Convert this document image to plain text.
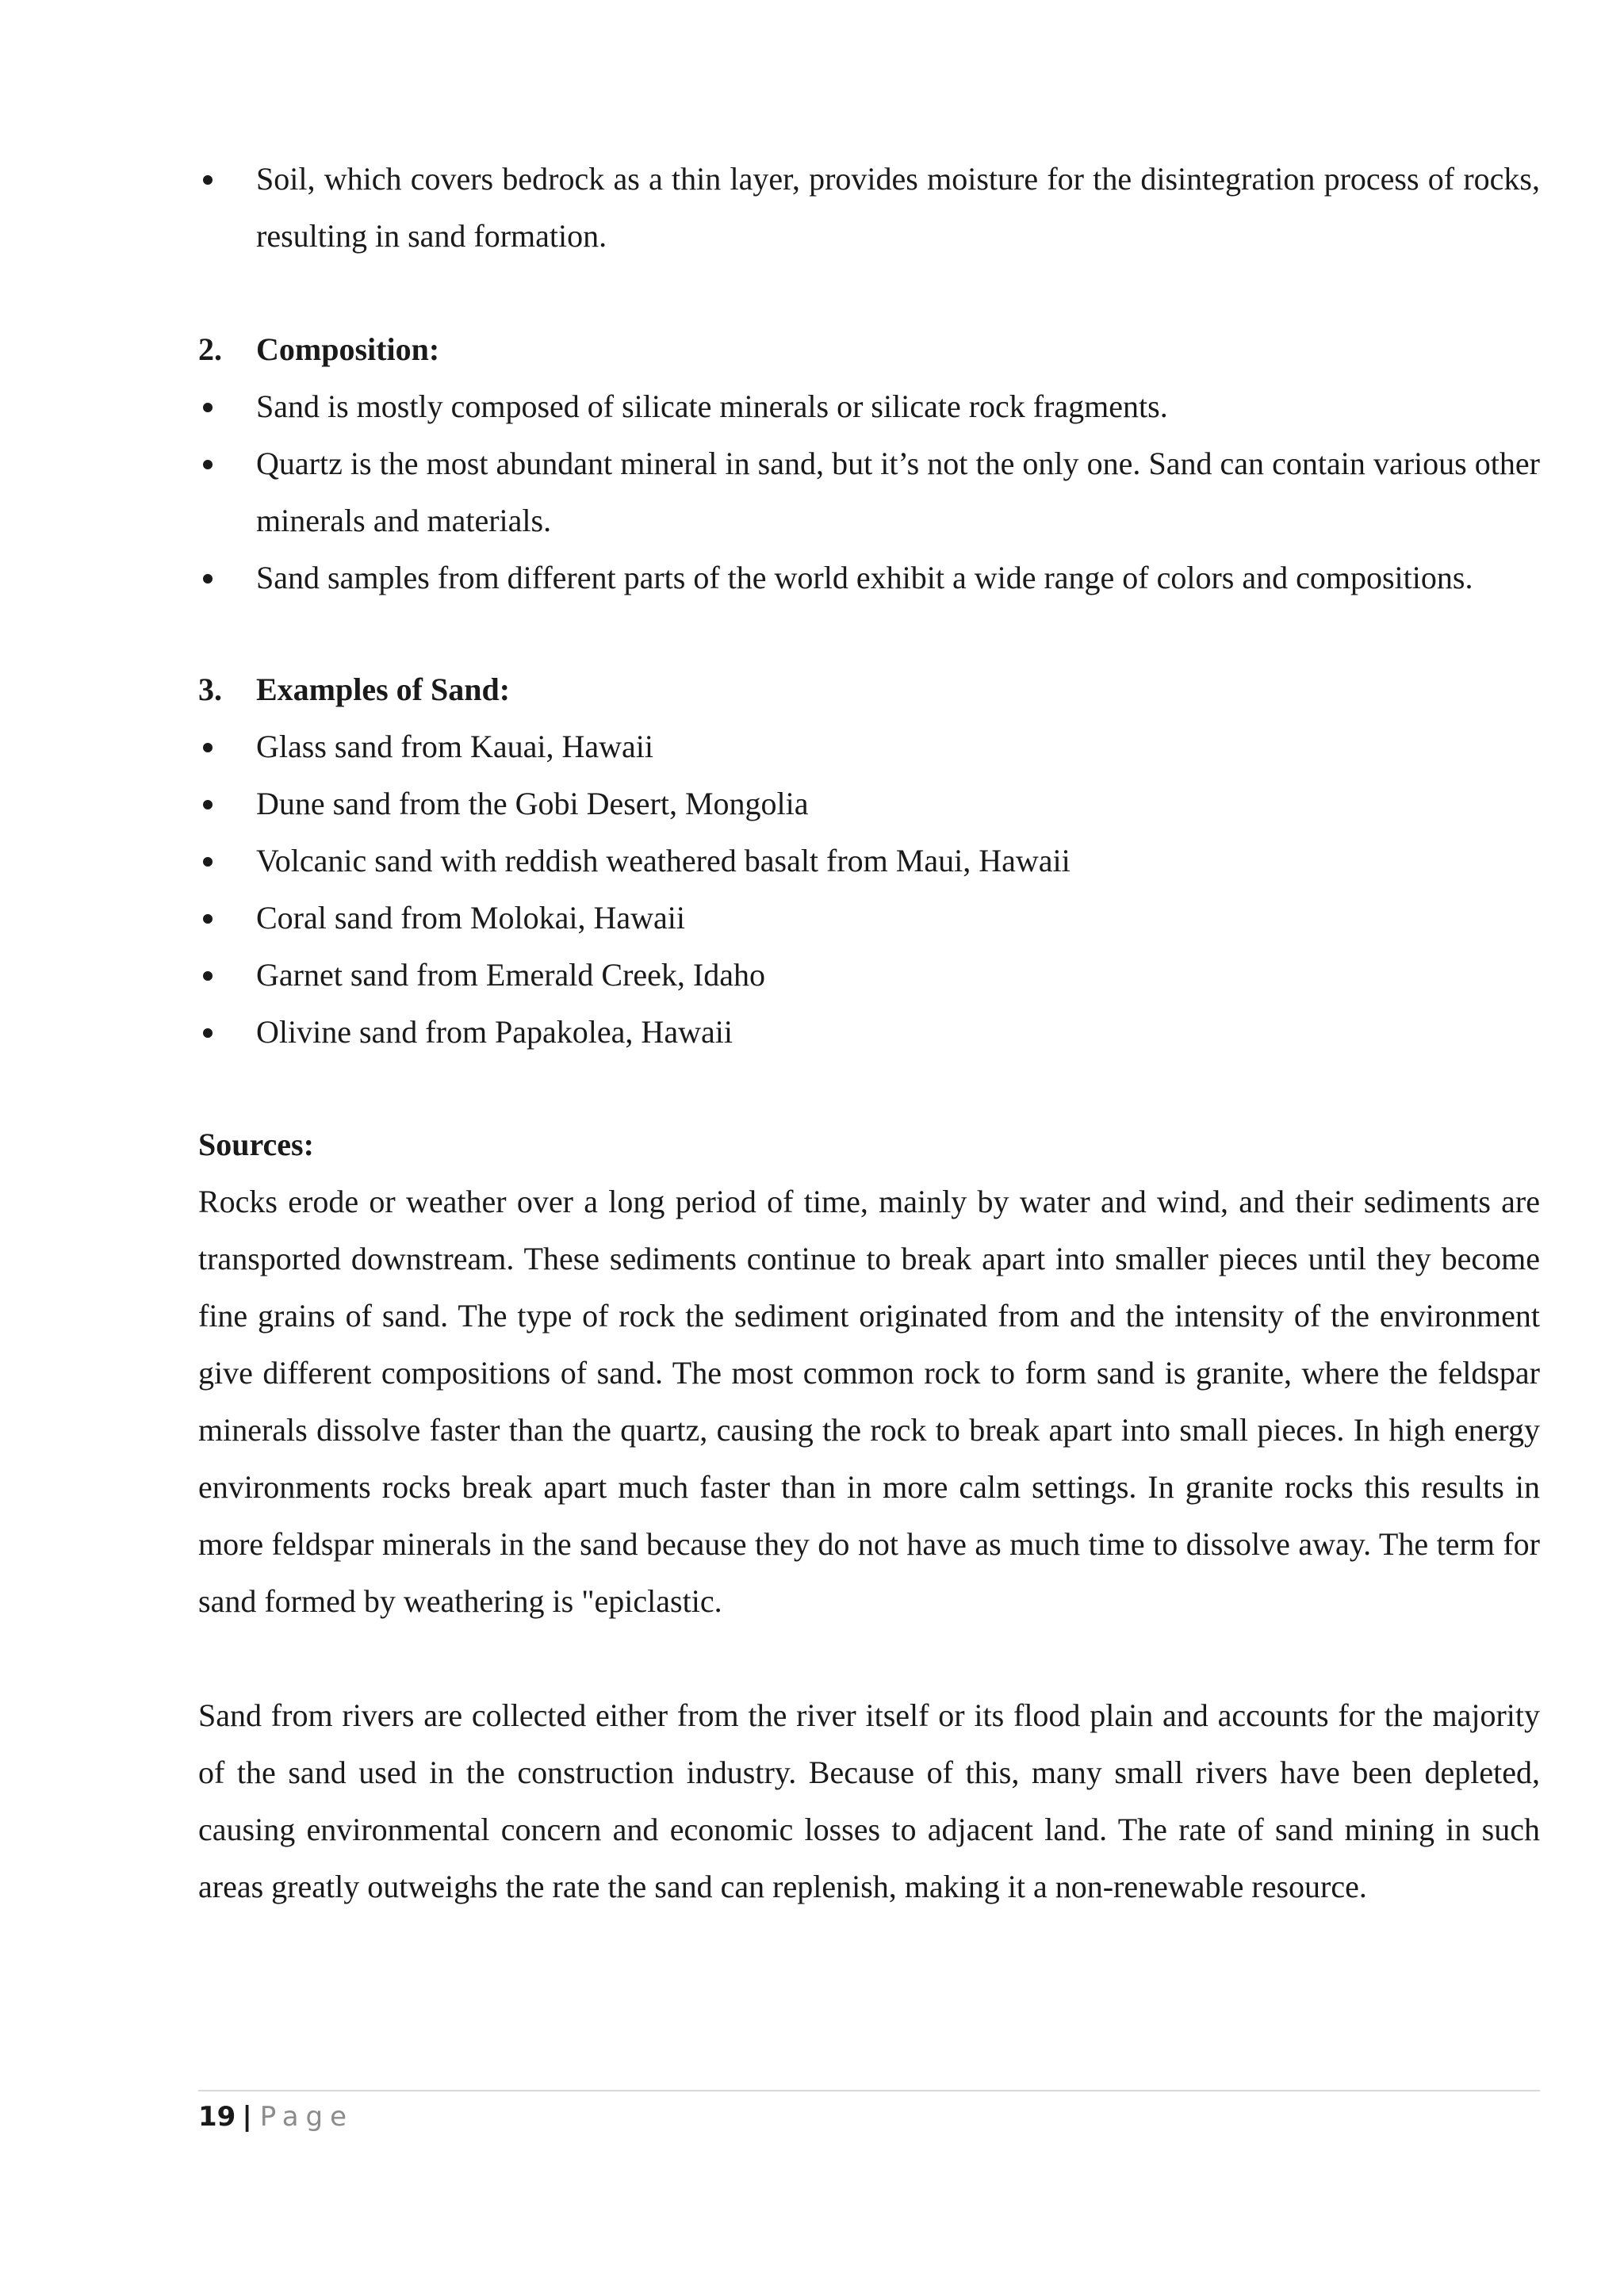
Soil, which covers bedrock as a thin layer, provides moisture for the disintegration process of rocks, resulting in sand formation.
2. Composition:
Sand is mostly composed of silicate minerals or silicate rock fragments.
Quartz is the most abundant mineral in sand, but it’s not the only one. Sand can contain various other minerals and materials.
Sand samples from different parts of the world exhibit a wide range of colors and compositions.
3. Examples of Sand:
Glass sand from Kauai, Hawaii
Dune sand from the Gobi Desert, Mongolia
Volcanic sand with reddish weathered basalt from Maui, Hawaii
Coral sand from Molokai, Hawaii
Garnet sand from Emerald Creek, Idaho
Olivine sand from Papakolea, Hawaii
Sources:

Rocks erode or weather over a long period of time, mainly by water and wind, and their sediments are transported downstream. These sediments continue to break apart into smaller pieces until they become fine grains of sand. The type of rock the sediment originated from and the intensity of the environment give different compositions of sand. The most common rock to form sand is granite, where the feldspar minerals dissolve faster than the quartz, causing the rock to break apart into small pieces. In high energy environments rocks break apart much faster than in more calm settings. In granite rocks this results in more feldspar minerals in the sand because they do not have as much time to dissolve away. The term for sand formed by weathering is "epiclastic.

Sand from rivers are collected either from the river itself or its flood plain and accounts for the majority of the sand used in the construction industry. Because of this, many small rivers have been depleted, causing environmental concern and economic losses to adjacent land. The rate of sand mining in such areas greatly outweighs the rate the sand can replenish, making it a non-renewable resource.

19 | Page
